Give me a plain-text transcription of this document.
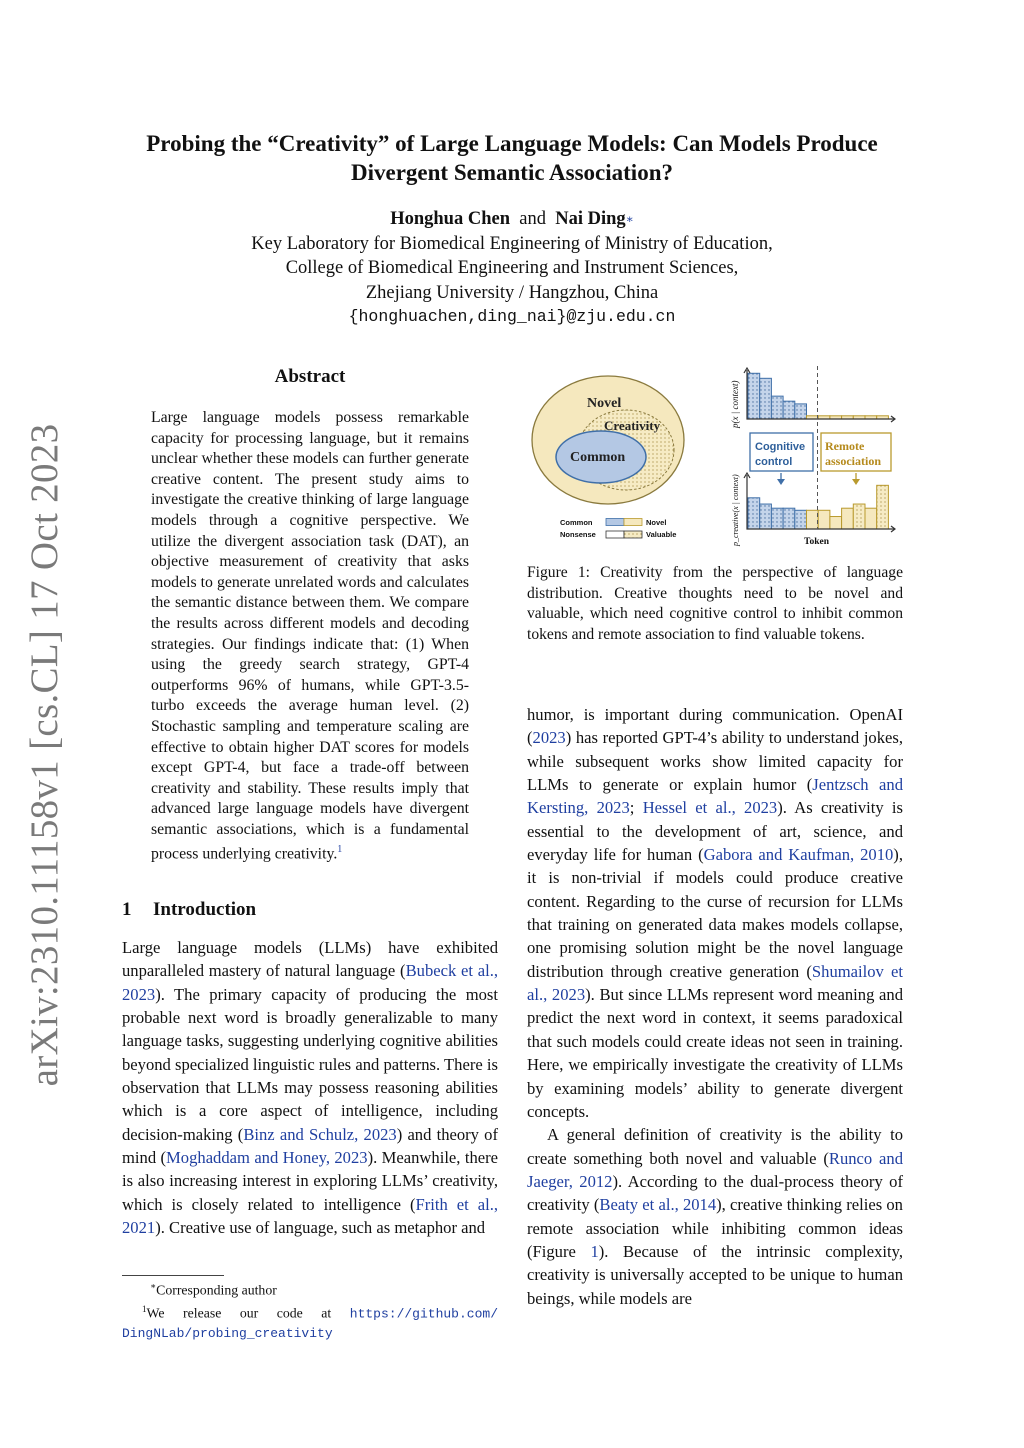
arXiv:2310.11158v1 [cs.CL] 17 Oct 2023
Probing the “Creativity” of Large Language Models: Can Models Produce
Divergent Semantic Association?
Honghua Chen and Nai Ding∗
Key Laboratory for Biomedical Engineering of Ministry of Education,
College of Biomedical Engineering and Instrument Sciences,
Zhejiang University / Hangzhou, China
{honghuachen,ding_nai}@zju.edu.cn
Abstract
Large language models possess remarkable capacity for processing language, but it remains unclear whether these models can further generate creative content. The present study aims to investigate the creative thinking of large language models through a cognitive perspective. We utilize the divergent association task (DAT), an objective measurement of creativity that asks models to generate unrelated words and calculates the semantic distance between them. We compare the results across different models and decoding strategies. Our findings indicate that: (1) When using the greedy search strategy, GPT-4 outperforms 96% of humans, while GPT-3.5-turbo exceeds the average human level. (2) Stochastic sampling and temperature scaling are effective to obtain higher DAT scores for models except GPT-4, but face a trade-off between creativity and stability. These results imply that advanced large language models have divergent semantic associations, which is a fundamental process underlying creativity.$^1$
1 Introduction
Large language models (LLMs) have exhibited unparalleled mastery of natural language (Bubeck et al., 2023). The primary capacity of producing the most probable next word is broadly generalizable to many language tasks, suggesting underlying cognitive abilities beyond specialized linguistic rules and patterns. There is observation that LLMs may possess reasoning abilities which is a core aspect of intelligence, including decision-making (Binz and Schulz, 2023) and theory of mind (Moghaddam and Honey, 2023). Meanwhile, there is also increasing interest in exploring LLMs’ creativity, which is closely related to intelligence (Frith et al., 2021). Creative use of language, such as metaphor and

humor, is important during communication. OpenAI (2023) has reported GPT-4’s ability to understand jokes, while subsequent works show limited capacity for LLMs to generate or explain humor (Jentzsch and Kersting, 2023; Hessel et al., 2023). As creativity is essential to the development of art, science, and everyday life for human (Gabora and Kaufman, 2010), it is non-trivial if models could produce creative content. Regarding to the curse of recursion for LLMs that training on generated data makes models collapse, one promising solution might be the novel language distribution through creative generation (Shumailov et al., 2023). But since LLMs represent word meaning and predict the next word in context, it seems paradoxical that such models could create ideas not seen in training. Here, we empirically investigate the creativity of LLMs by examining models’ ability to generate divergent concepts.

A general definition of creativity is the ability to create something both novel and valuable (Runco and Jaeger, 2012). According to the dual-process theory of creativity (Beaty et al., 2014), creative thinking relies on remote association while inhibiting common ideas (Figure 1). Because of the intrinsic complexity, creativity is universally accepted to be unique to human beings, while models are

∗Corresponding author
$^1$We release our code at https://github.com/
DingNLab/probing_creativity
Novel
Creativity
Common
Common
Nonsense
Novel
Valuable
p(x | context)
p_creative(x | context)	Token
Cognitive
control
Remote
association
Figure 1: Creativity from the perspective of language distribution. Creative thoughts need to be novel and valuable, which need cognitive control to inhibit common tokens and remote association to find valuable tokens.
